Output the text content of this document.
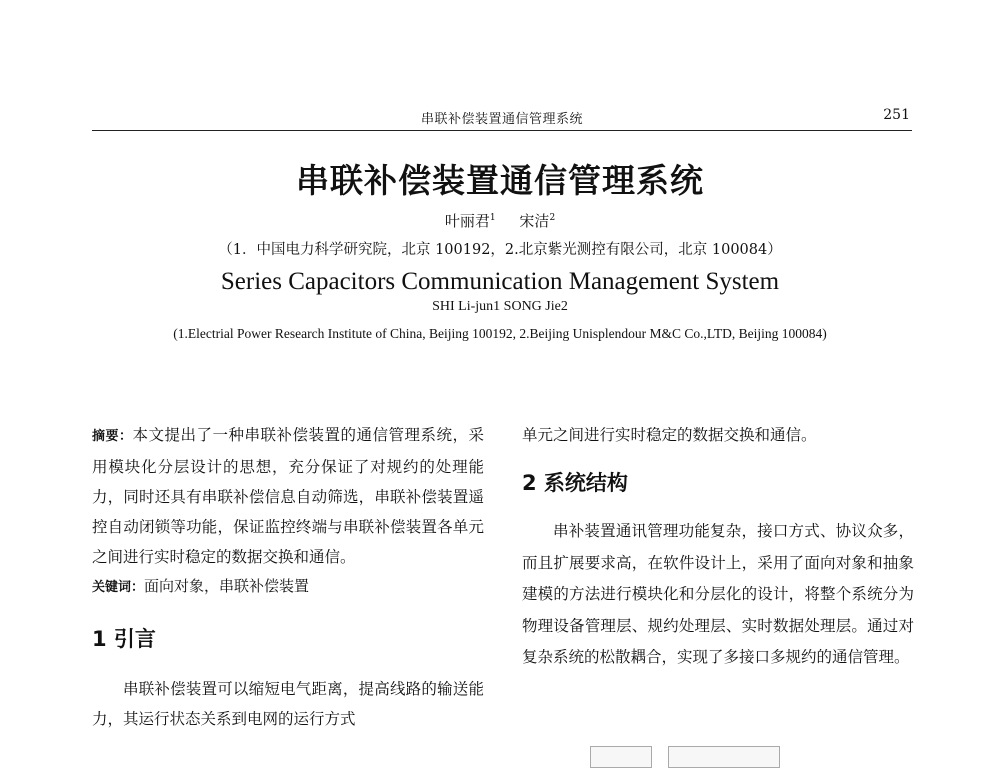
串联补偿装置通信管理系统	251
串联补偿装置通信管理系统
叶丽君$^1$ 宋洁$^2$
（1．中国电力科学研究院，北京 100192，2.北京紫光测控有限公司，北京 100084）
Series Capacitors Communication Management System
SHI Li-jun1 SONG Jie2
(1.Electrial Power Research Institute of China, Beijing 100192, 2.Beijing Unisplendour M&C Co.,LTD, Beijing 100084)

摘要：本文提出了一种串联补偿装置的通信管理系统，采用模块化分层设计的思想，充分保证了对规约的处理能力，同时还具有串联补偿信息自动筛选，串联补偿装置遥控自动闭锁等功能，保证监控终端与串联补偿装置各单元之间进行实时稳定的数据交换和通信。

关键词：面向对象，串联补偿装置

1 引言

串联补偿装置可以缩短电气距离，提高线路的输送能力，其运行状态关系到电网的运行方式

单元之间进行实时稳定的数据交换和通信。

2 系统结构

串补装置通讯管理功能复杂，接口方式、协议众多，而且扩展要求高，在软件设计上，采用了面向对象和抽象建模的方法进行模块化和分层化的设计，将整个系统分为物理设备管理层、规约处理层、实时数据处理层。通过对复杂系统的松散耦合，实现了多接口多规约的通信管理。
